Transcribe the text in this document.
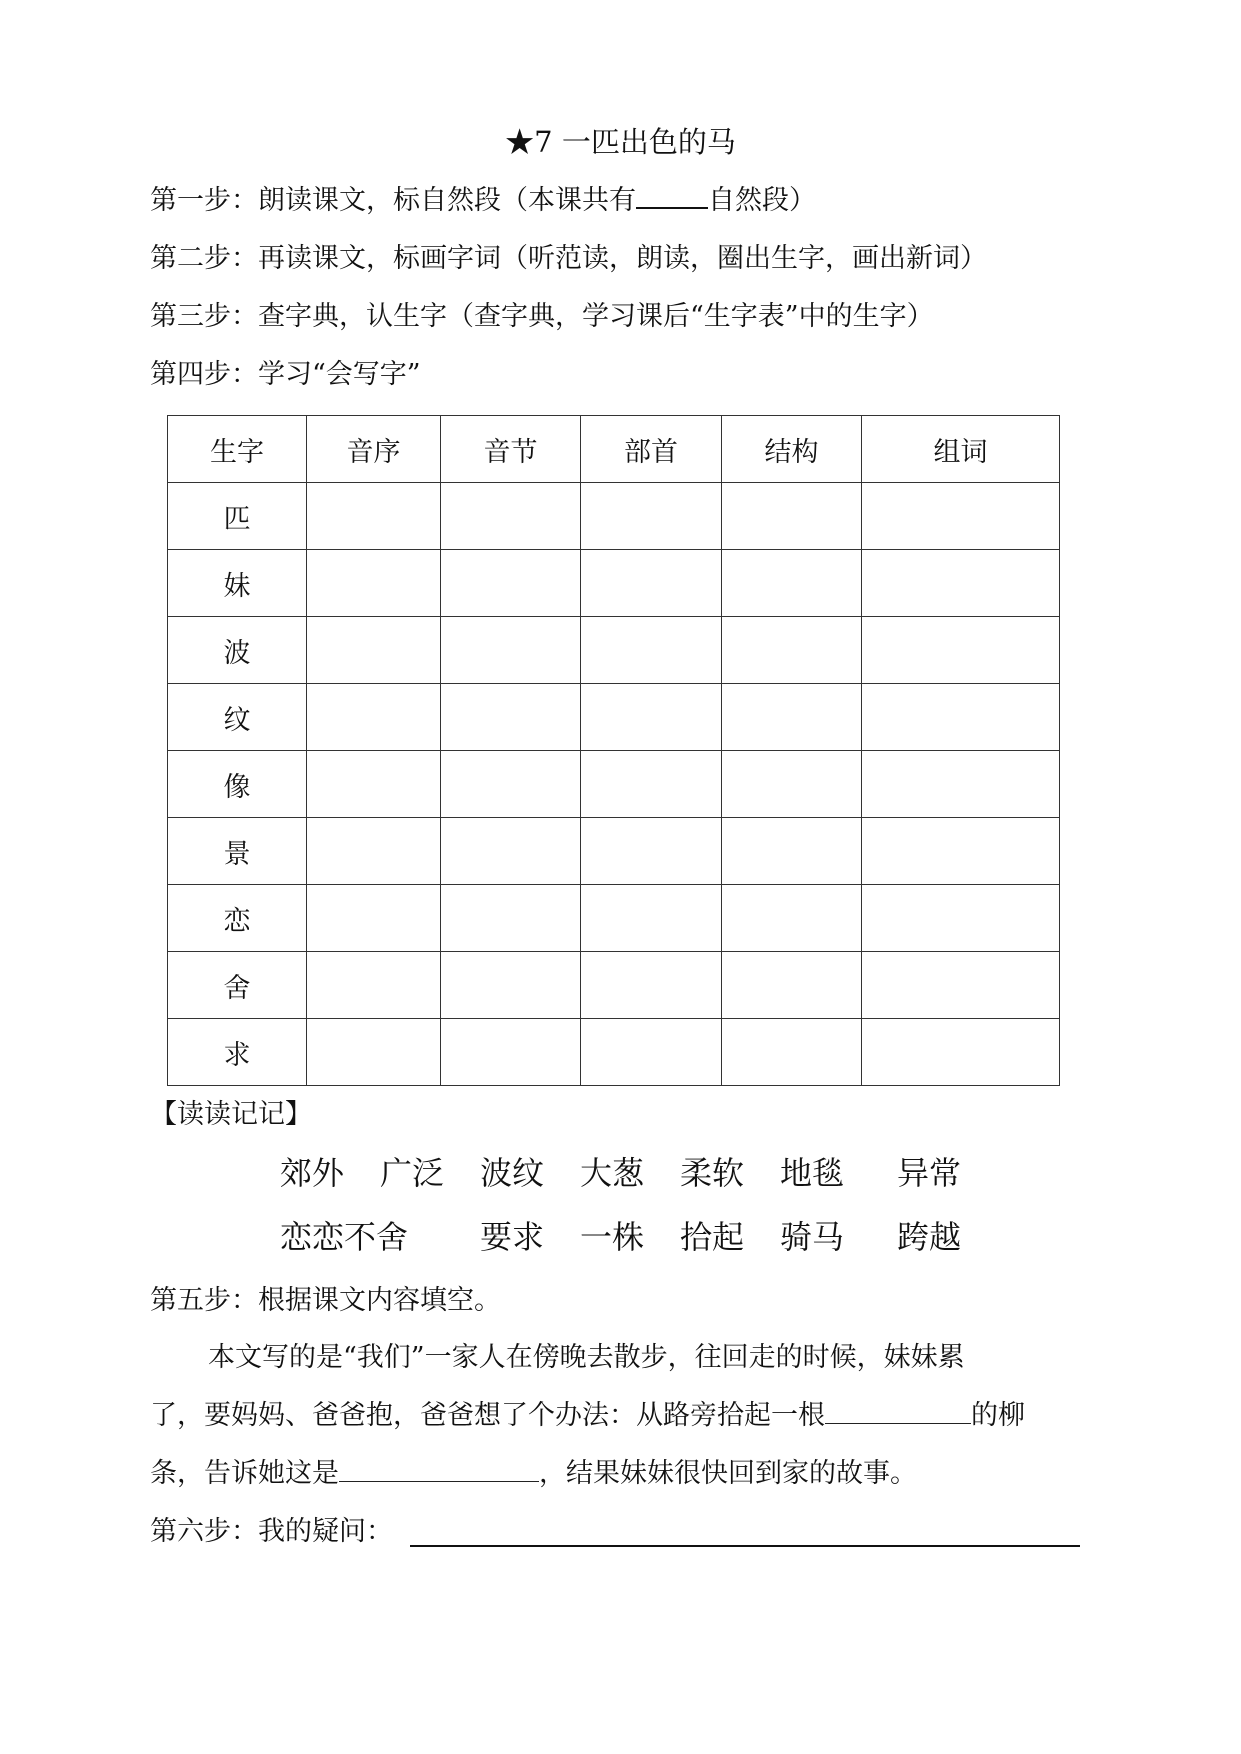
★7 一匹出色的马
第一步：朗读课文，标自然段（本课共有	自然段）
第二步：再读课文，标画字词（听范读，朗读，圈出生字，画出新词）
第三步：查字典，认生字（查字典，学习课后“生字表”中的生字）
第四步：学习“会写字”
生字	音序	音节	部首	结构	组词
匹					
妹					
波					
纹					
像					
景					
恋					
舍					
求					
【读读记记】
郊外 广泛 波纹 大葱 柔软 地毯 异常
恋恋不舍 要求 一株 拾起 骑马 跨越
第五步：根据课文内容填空。
本文写的是“我们”一家人在傍晚去散步，往回走的时候，妹妹累
了，要妈妈、爸爸抱，爸爸想了个办法：从路旁拾起一根	的柳
条，告诉她这是	，结果妹妹很快回到家的故事。
第六步：我的疑问：
